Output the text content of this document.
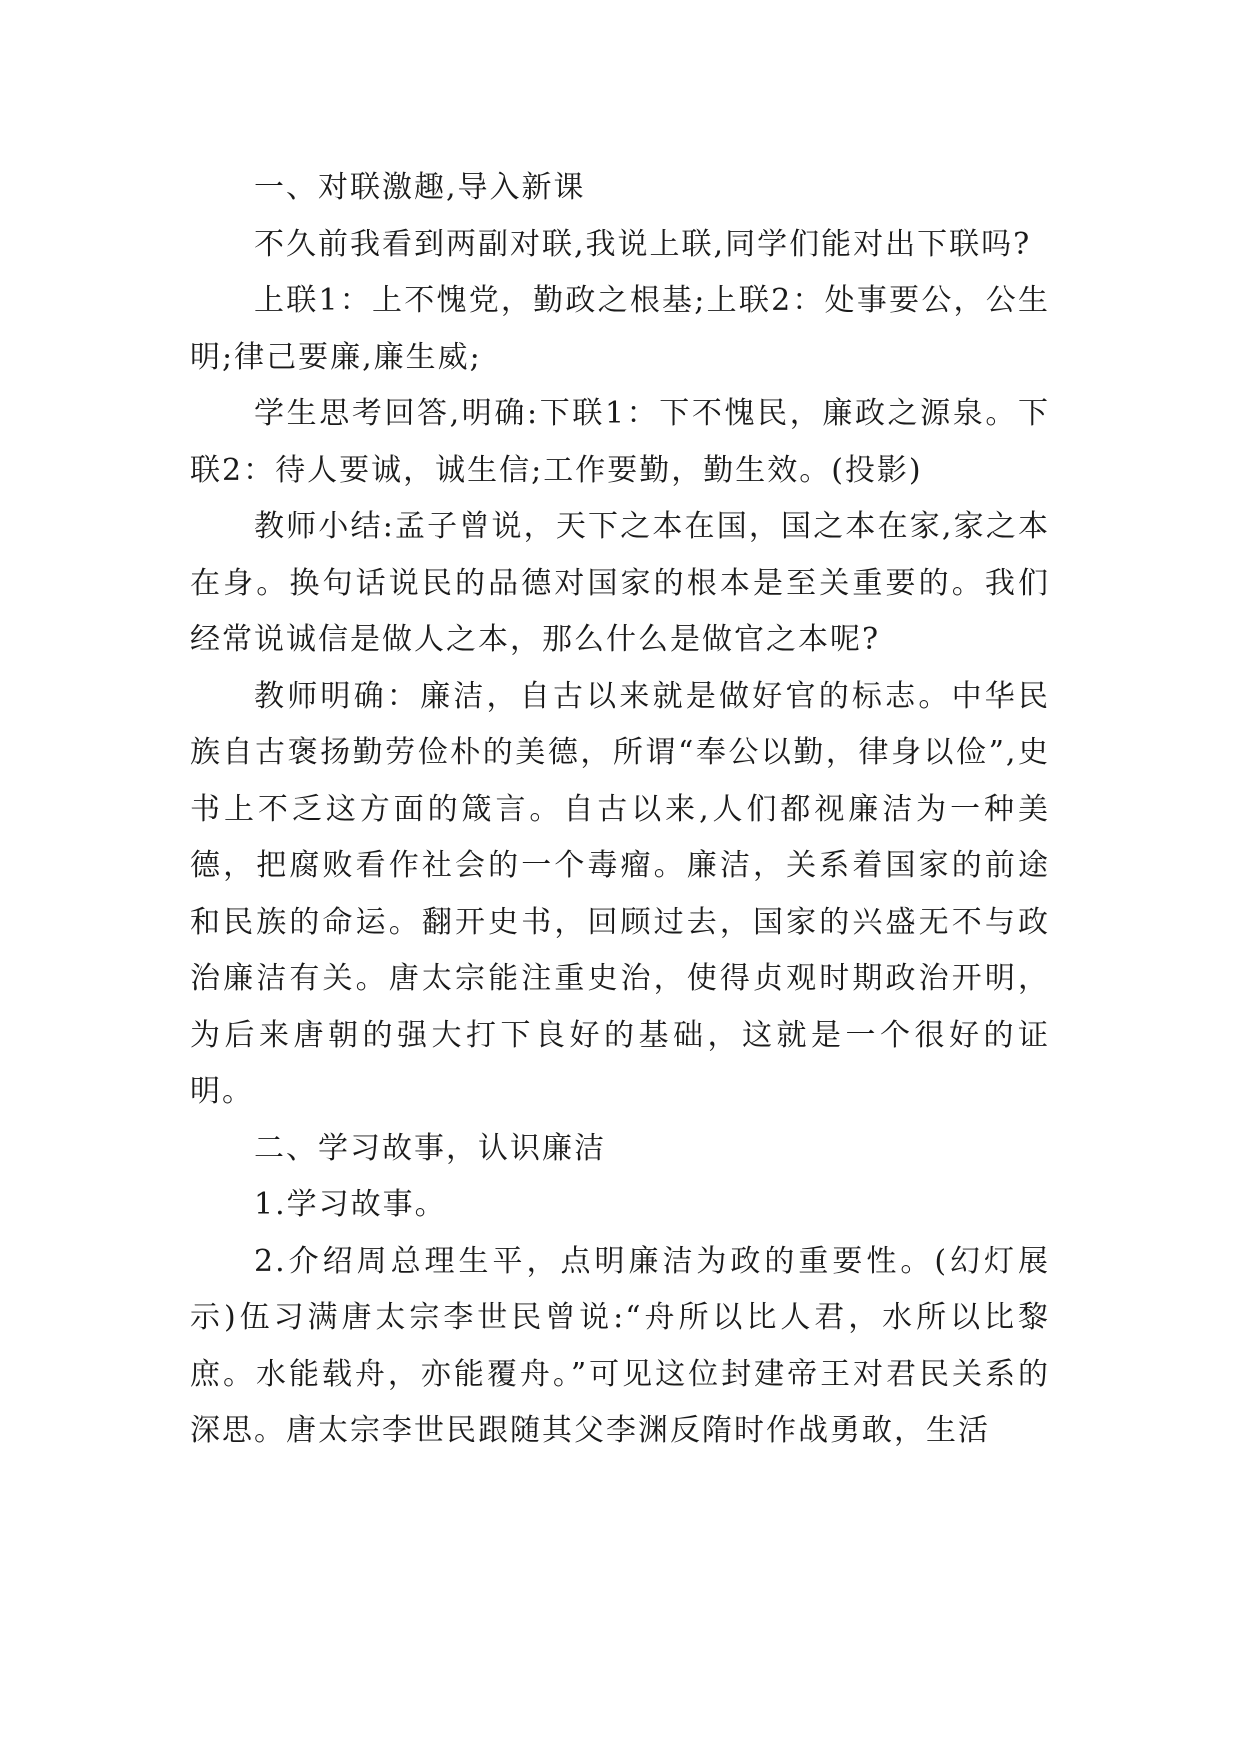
一、对联激趣,导入新课

不久前我看到两副对联,我说上联,同学们能对出下联吗?

上联1：上不愧党，勤政之根基;上联2：处事要公，公生明;律己要廉,廉生威;

学生思考回答,明确:下联1：下不愧民，廉政之源泉。下联2：待人要诚，诚生信;工作要勤，勤生效。(投影)

教师小结:孟子曾说，天下之本在国，国之本在家,家之本在身。换句话说民的品德对国家的根本是至关重要的。我们经常说诚信是做人之本，那么什么是做官之本呢?

教师明确：廉洁，自古以来就是做好官的标志。中华民族自古褒扬勤劳俭朴的美德，所谓“奉公以勤，律身以俭”,史书上不乏这方面的箴言。自古以来,人们都视廉洁为一种美德，把腐败看作社会的一个毒瘤。廉洁，关系着国家的前途和民族的命运。翻开史书，回顾过去，国家的兴盛无不与政治廉洁有关。唐太宗能注重史治，使得贞观时期政治开明，为后来唐朝的强大打下良好的基础，这就是一个很好的证明。

二、学习故事，认识廉洁

1.学习故事。

2.介绍周总理生平，点明廉洁为政的重要性。(幻灯展示)伍习满唐太宗李世民曾说:“舟所以比人君，水所以比黎庶。水能载舟，亦能覆舟。”可见这位封建帝王对君民关系的深思。唐太宗李世民跟随其父李渊反隋时作战勇敢，生活
